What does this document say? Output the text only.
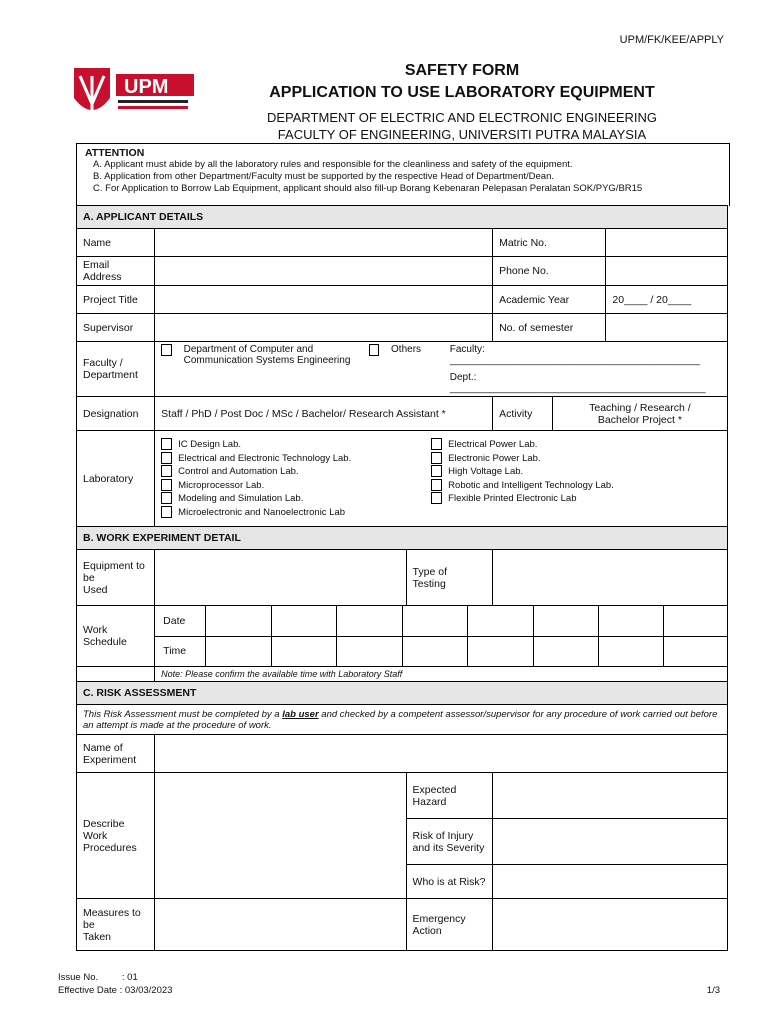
UPM/FK/KEE/APPLY
UPM
SAFETY FORM
APPLICATION TO USE LABORATORY EQUIPMENT
DEPARTMENT OF ELECTRIC AND ELECTRONIC ENGINEERING
FACULTY OF ENGINEERING, UNIVERSITI PUTRA MALAYSIA
ATTENTION
A. Applicant must abide by all the laboratory rules and responsible for the cleanliness and safety of the equipment.
B. Application from other Department/Faculty must be supported by the respective Head of Department/Dean.
C. For Application to Borrow Lab Equipment, applicant should also fill-up Borang Kebenaran Pelepasan Peralatan SOK/PYG/BR15
A. APPLICANT DETAILS
Name		Matric No.	
Email Address		Phone No.	
Project Title		Academic Year	20____ / 20____
Supervisor		No. of semester	
Faculty /
Department	
Department of Computer and
Communication Systems Engineering
Others	Faculty: _____________________________________________
Dept.: ______________________________________________

Designation	Staff / PhD / Post Doc / MSc / Bachelor/ Research Assistant *	Activity	Teaching / Research /
Bachelor Project *
Laboratory	
IC Design Lab.
Electrical and Electronic Technology Lab.
Control and Automation Lab.
Microprocessor Lab.
Modeling and Simulation Lab.
Microelectronic and Nanoelectronic Lab
Electrical Power Lab.
Electronic Power Lab.
High Voltage Lab.
Robotic and Intelligent Technology Lab.
Flexible Printed Electronic Lab

B. WORK EXPERIMENT DETAIL
Equipment to be
Used		Type of
Testing	
Work Schedule	
Date								
Time								

	Note: Please confirm the available time with Laboratory Staff
C. RISK ASSESSMENT
This Risk Assessment must be completed by a lab user and checked by a competent assessor/supervisor for any procedure of work carried out before an attempt is made at the procedure of work.
Name of
Experiment	
Describe Work
Procedures		Expected
Hazard	
Risk of Injury
and its Severity	
Who is at Risk?	
Measures to be
Taken		Emergency
Action	
Issue No.         : 01
Effective Date : 03/03/2023	1/3
